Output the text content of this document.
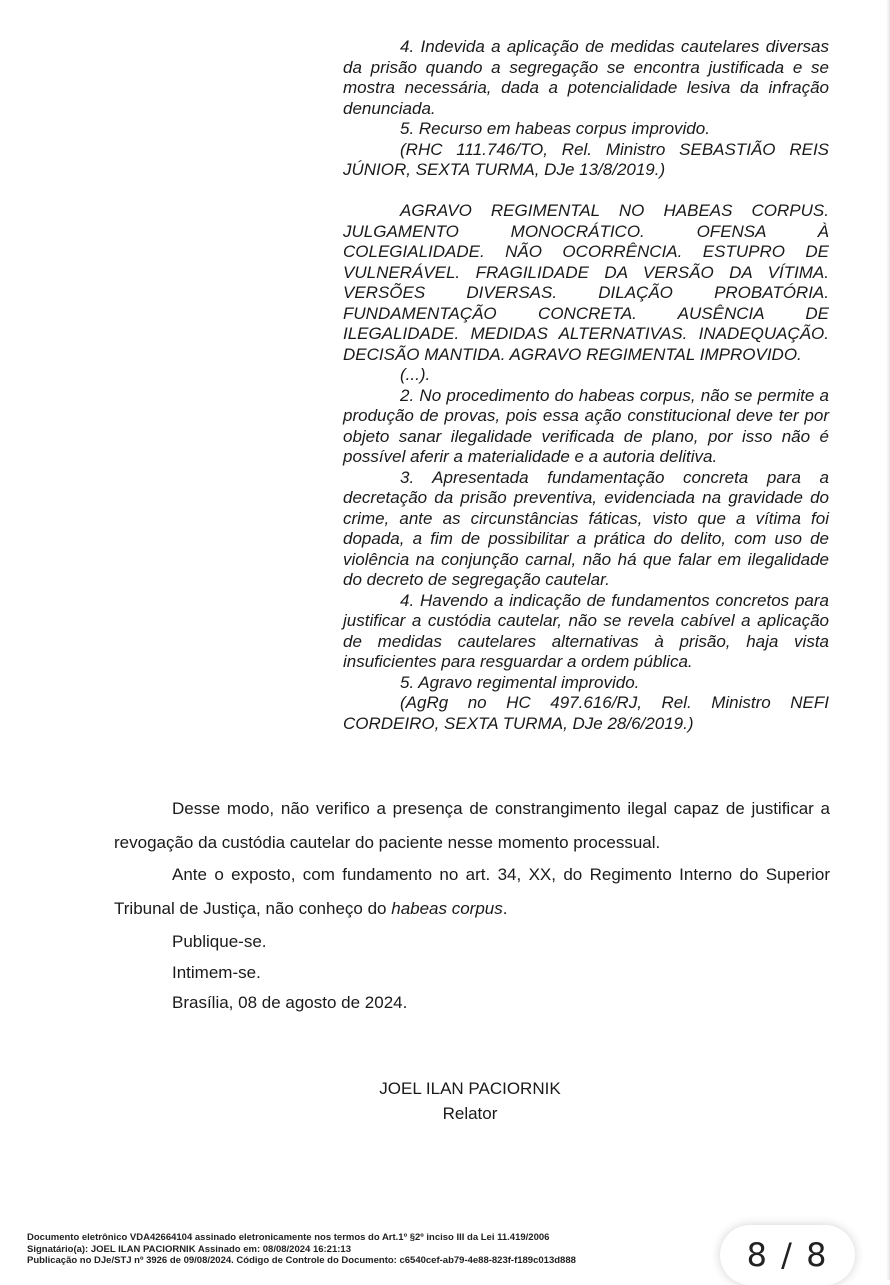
4. Indevida a aplicação de medidas cautelares diversas da prisão quando a segregação se encontra justificada e se mostra necessária, dada a potencialidade lesiva da infração denunciada.

5. Recurso em habeas corpus improvido.

(RHC 111.746/TO, Rel. Ministro SEBASTIÃO REIS JÚNIOR, SEXTA TURMA, DJe 13/8/2019.)

AGRAVO REGIMENTAL NO HABEAS CORPUS. JULGAMENTO MONOCRÁTICO. OFENSA À COLEGIALIDADE. NÃO OCORRÊNCIA. ESTUPRO DE VULNERÁVEL. FRAGILIDADE DA VERSÃO DA VÍTIMA. VERSÕES DIVERSAS. DILAÇÃO PROBATÓRIA. FUNDAMENTAÇÃO CONCRETA. AUSÊNCIA DE ILEGALIDADE. MEDIDAS ALTERNATIVAS. INADEQUAÇÃO. DECISÃO MANTIDA. AGRAVO REGIMENTAL IMPROVIDO.

(...).

2. No procedimento do habeas corpus, não se permite a produção de provas, pois essa ação constitucional deve ter por objeto sanar ilegalidade verificada de plano, por isso não é possível aferir a materialidade e a autoria delitiva.

3. Apresentada fundamentação concreta para a decretação da prisão preventiva, evidenciada na gravidade do crime, ante as circunstâncias fáticas, visto que a vítima foi dopada, a fim de possibilitar a prática do delito, com uso de violência na conjunção carnal, não há que falar em ilegalidade do decreto de segregação cautelar.

4. Havendo a indicação de fundamentos concretos para justificar a custódia cautelar, não se revela cabível a aplicação de medidas cautelares alternativas à prisão, haja vista insuficientes para resguardar a ordem pública.

5. Agravo regimental improvido.

(AgRg no HC 497.616/RJ, Rel. Ministro NEFI CORDEIRO, SEXTA TURMA, DJe 28/6/2019.)

Desse modo, não verifico a presença de constrangimento ilegal capaz de justificar a revogação da custódia cautelar do paciente nesse momento processual.

Ante o exposto, com fundamento no art. 34, XX, do Regimento Interno do Superior Tribunal de Justiça, não conheço do habeas corpus.

Publique-se.

Intimem-se.

Brasília, 08 de agosto de 2024.

JOEL ILAN PACIORNIK
Relator
Documento eletrônico VDA42664104 assinado eletronicamente nos termos do Art.1º §2º inciso III da Lei 11.419/2006
Signatário(a): JOEL ILAN PACIORNIK Assinado em: 08/08/2024 16:21:13
Publicação no DJe/STJ nº 3926 de 09/08/2024. Código de Controle do Documento: c6540cef-ab79-4e88-823f-f189c013d888	8 / 8
